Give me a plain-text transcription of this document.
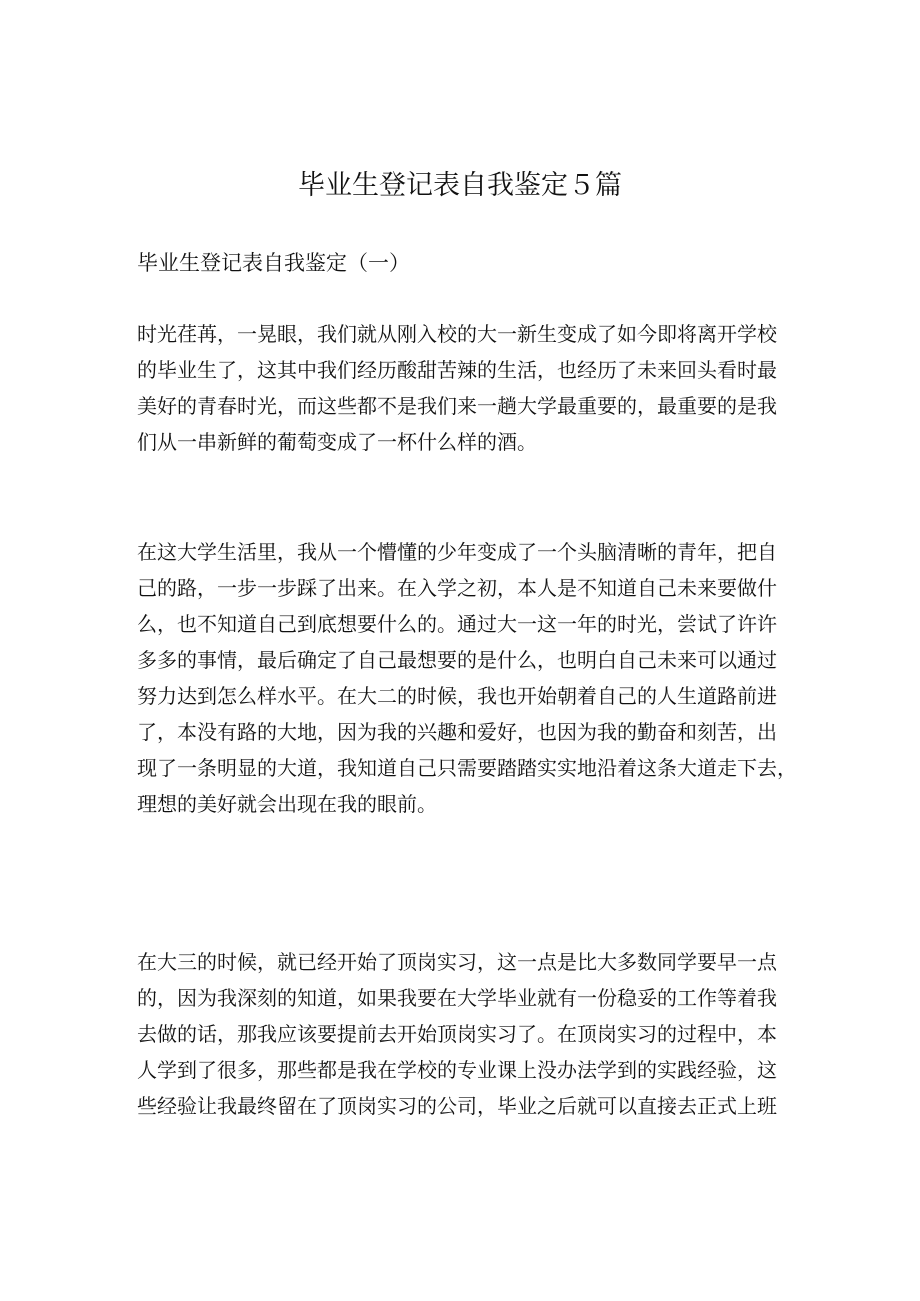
毕业生登记表自我鉴定５篇
毕业生登记表自我鉴定（一）
时光荏苒，一晃眼，我们就从刚入校的大一新生变成了如今即将离开学校
的毕业生了，这其中我们经历酸甜苦辣的生活，也经历了未来回头看时最
美好的青春时光，而这些都不是我们来一趟大学最重要的，最重要的是我
们从一串新鲜的葡萄变成了一杯什么样的酒。
在这大学生活里，我从一个懵懂的少年变成了一个头脑清晰的青年，把自
己的路，一步一步踩了出来。在入学之初，本人是不知道自己未来要做什
么，也不知道自己到底想要什么的。通过大一这一年的时光，尝试了许许
多多的事情，最后确定了自己最想要的是什么，也明白自己未来可以通过
努力达到怎么样水平。在大二的时候，我也开始朝着自己的人生道路前进
了，本没有路的大地，因为我的兴趣和爱好，也因为我的勤奋和刻苦，出
现了一条明显的大道，我知道自己只需要踏踏实实地沿着这条大道走下去，
理想的美好就会出现在我的眼前。
在大三的时候，就已经开始了顶岗实习，这一点是比大多数同学要早一点
的，因为我深刻的知道，如果我要在大学毕业就有一份稳妥的工作等着我
去做的话，那我应该要提前去开始顶岗实习了。在顶岗实习的过程中，本
人学到了很多，那些都是我在学校的专业课上没办法学到的实践经验，这
些经验让我最终留在了顶岗实习的公司，毕业之后就可以直接去正式上班
